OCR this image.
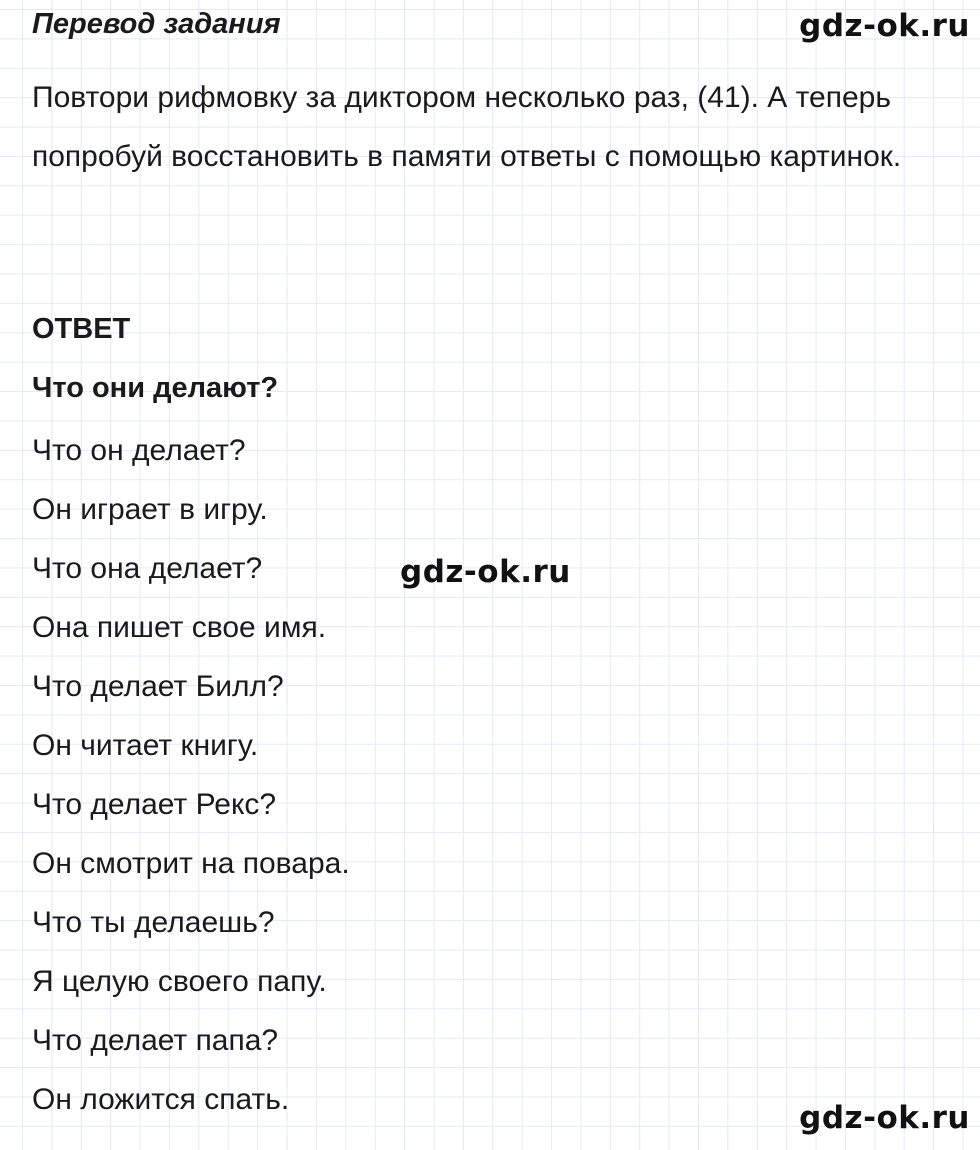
gdz-ok.ru
gdz-ok.ru
gdz-ok.ru
Перевод задания

Повтори рифмовку за диктором несколько раз, (41). А теперь попробуй восстановить в памяти ответы с помощью картинок.

ОТВЕТ
Что они делают?
Что он делает?
Он играет в игру.
Что она делает?
Она пишет свое имя.
Что делает Билл?
Он читает книгу.
Что делает Рекс?
Он смотрит на повара.
Что ты делаешь?
Я целую своего папу.
Что делает папа?
Он ложится спать.
